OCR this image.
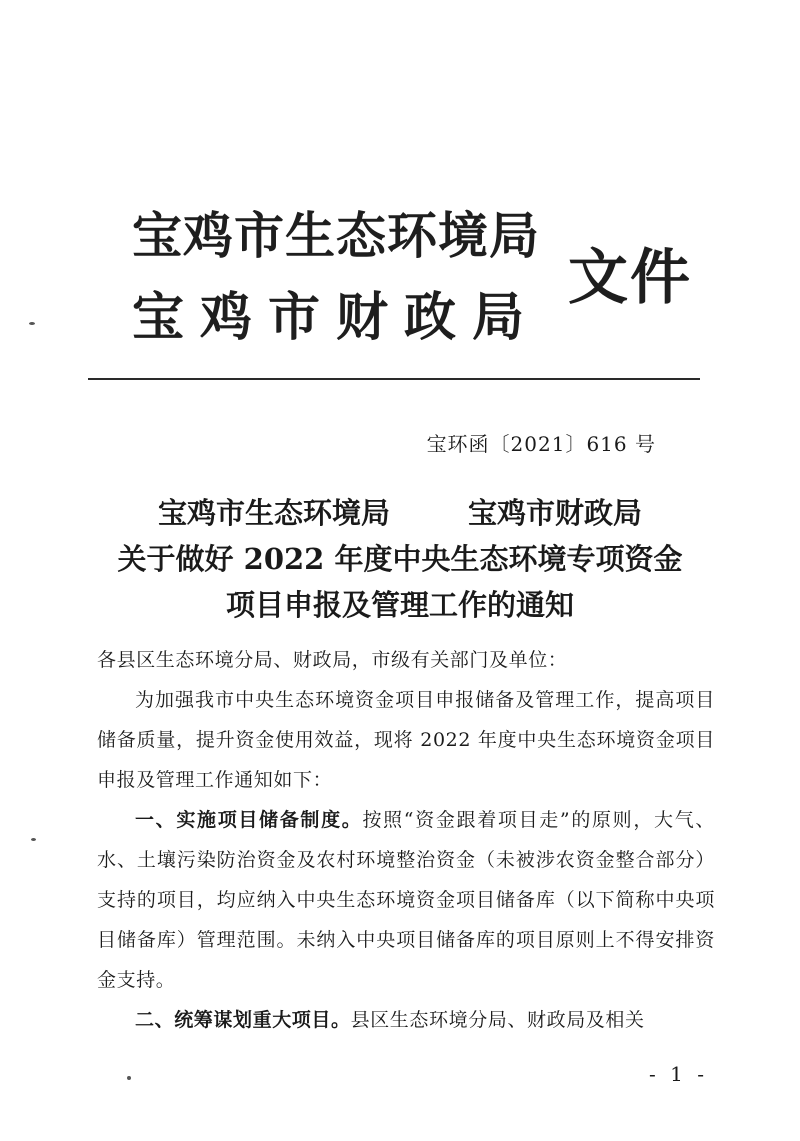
宝鸡市生态环境局
宝鸡市财政局
文件

宝环函〔2021〕616 号

宝鸡市生态环境局	宝鸡市财政局
关于做好 2022 年度中央生态环境专项资金
项目申报及管理工作的通知

各县区生态环境分局、财政局，市级有关部门及单位：

为加强我市中央生态环境资金项目申报储备及管理工作，提高项目储备质量，提升资金使用效益，现将 2022 年度中央生态环境资金项目申报及管理工作通知如下：

一、实施项目储备制度。按照“资金跟着项目走”的原则，大气、水、土壤污染防治资金及农村环境整治资金（未被涉农资金整合部分）支持的项目，均应纳入中央生态环境资金项目储备库（以下简称中央项目储备库）管理范围。未纳入中央项目储备库的项目原则上不得安排资金支持。

二、统筹谋划重大项目。县区生态环境分局、财政局及相关

- 1 -
